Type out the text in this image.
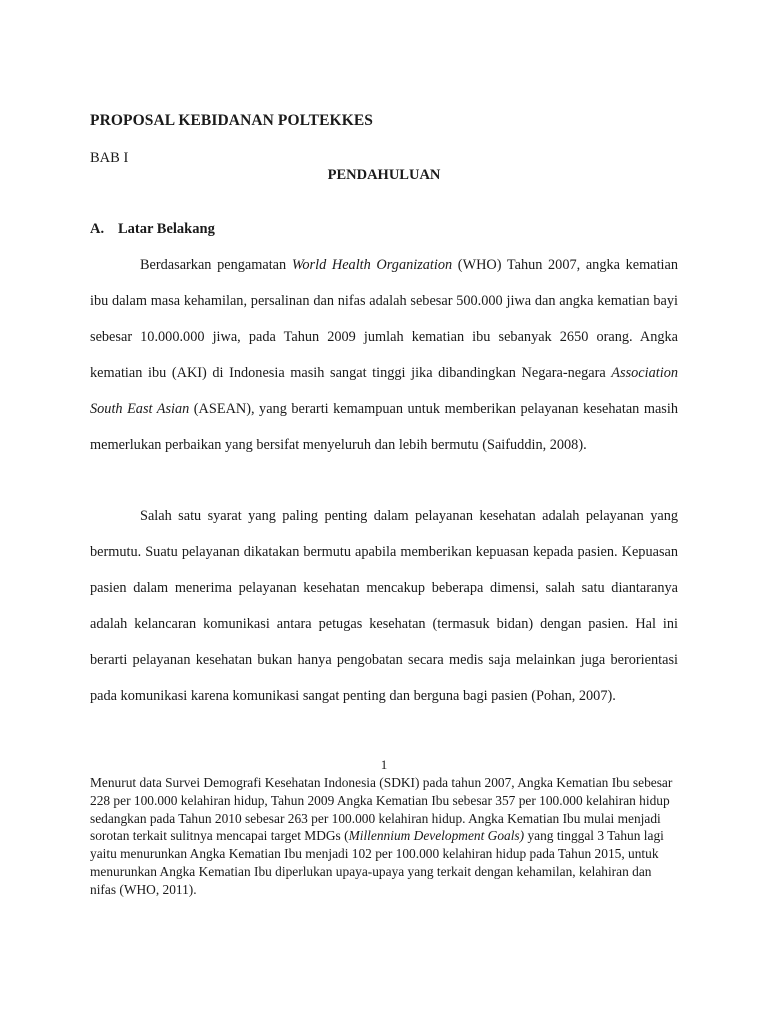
PROPOSAL KEBIDANAN POLTEKKES
BAB I
PENDAHULUAN
A. Latar Belakang

Berdasarkan pengamatan World Health Organization (WHO) Tahun 2007, angka kematian ibu dalam masa kehamilan, persalinan dan nifas adalah sebesar 500.000 jiwa dan angka kematian bayi sebesar 10.000.000 jiwa, pada Tahun 2009 jumlah kematian ibu sebanyak 2650 orang. Angka kematian ibu (AKI) di Indonesia masih sangat tinggi jika dibandingkan Negara-negara Association South East Asian (ASEAN), yang berarti kemampuan untuk memberikan pelayanan kesehatan masih memerlukan perbaikan yang bersifat menyeluruh dan lebih bermutu (Saifuddin, 2008).

Salah satu syarat yang paling penting dalam pelayanan kesehatan adalah pelayanan yang bermutu. Suatu pelayanan dikatakan bermutu apabila memberikan kepuasan kepada pasien. Kepuasan pasien dalam menerima pelayanan kesehatan mencakup beberapa dimensi, salah satu diantaranya adalah kelancaran komunikasi antara petugas kesehatan (termasuk bidan) dengan pasien. Hal ini berarti pelayanan kesehatan bukan hanya pengobatan secara medis saja melainkan juga berorientasi pada komunikasi karena komunikasi sangat penting dan berguna bagi pasien (Pohan, 2007).

1

Menurut data Survei Demografi Kesehatan Indonesia (SDKI) pada tahun 2007, Angka Kematian Ibu sebesar 228 per 100.000 kelahiran hidup, Tahun 2009 Angka Kematian Ibu sebesar 357 per 100.000 kelahiran hidup sedangkan pada Tahun 2010 sebesar 263 per 100.000 kelahiran hidup. Angka Kematian Ibu mulai menjadi sorotan terkait sulitnya mencapai target MDGs (Millennium Development Goals) yang tinggal 3 Tahun lagi yaitu menurunkan Angka Kematian Ibu menjadi 102 per 100.000 kelahiran hidup pada Tahun 2015, untuk menurunkan Angka Kematian Ibu diperlukan upaya-upaya yang terkait dengan kehamilan, kelahiran dan nifas (WHO, 2011).
